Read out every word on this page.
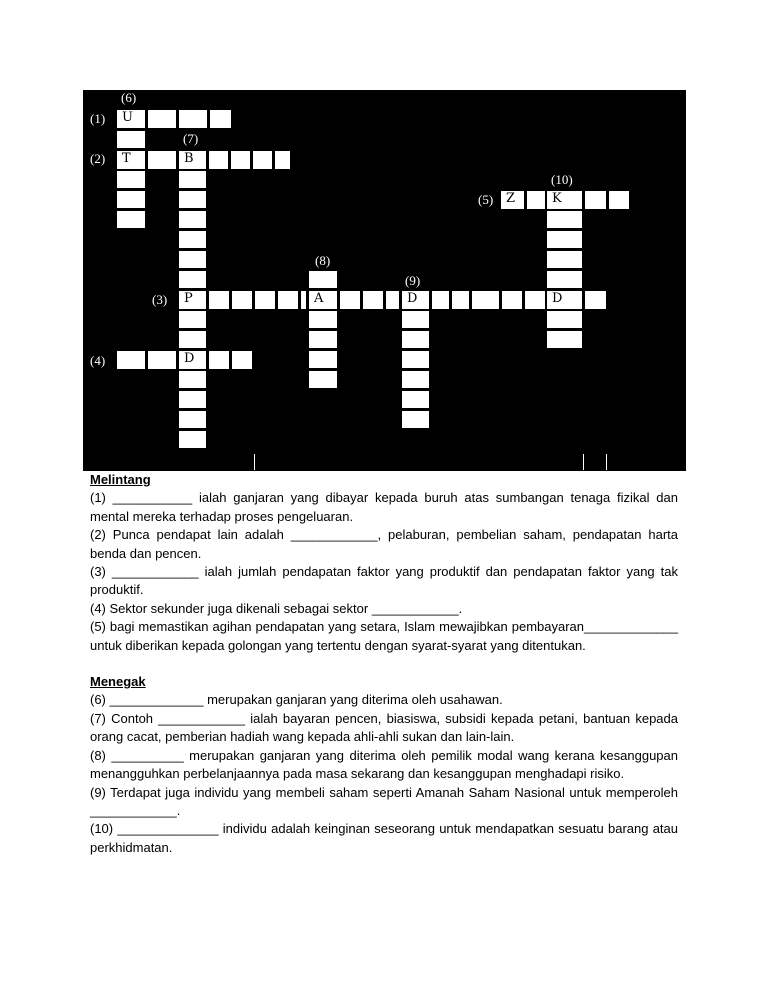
(6)
(1)
(7)
(2)
(10)
(5)
(8)
(9)
(3)
(4)
U
T	B
P	A	D	D
D
Z	K

Melintang

(1) ___________ ialah ganjaran yang dibayar kepada buruh atas sumbangan tenaga fizikal dan mental mereka terhadap proses pengeluaran.

(2) Punca pendapat lain adalah ____________, pelaburan, pembelian saham, pendapatan harta benda dan pencen.

(3) ____________ ialah jumlah pendapatan faktor yang produktif dan pendapatan faktor yang tak produktif.

(4) Sektor sekunder juga dikenali sebagai sektor ____________.

(5) bagi memastikan agihan pendapatan yang setara, Islam mewajibkan pembayaran_____________ untuk diberikan kepada golongan yang tertentu dengan syarat-syarat yang ditentukan.

Menegak

(6) _____________ merupakan ganjaran yang diterima oleh usahawan.

(7) Contoh ____________ ialah bayaran pencen, biasiswa, subsidi kepada petani, bantuan kepada orang cacat, pemberian hadiah wang kepada ahli-ahli sukan dan lain-lain.

(8) __________ merupakan ganjaran yang diterima oleh pemilik modal wang kerana kesanggupan menangguhkan perbelanjaannya pada masa sekarang dan kesanggupan menghadapi risiko.

(9) Terdapat juga individu yang membeli saham seperti Amanah Saham Nasional untuk memperoleh ____________.

(10) ______________ individu adalah keinginan seseorang untuk mendapatkan sesuatu barang atau perkhidmatan.
